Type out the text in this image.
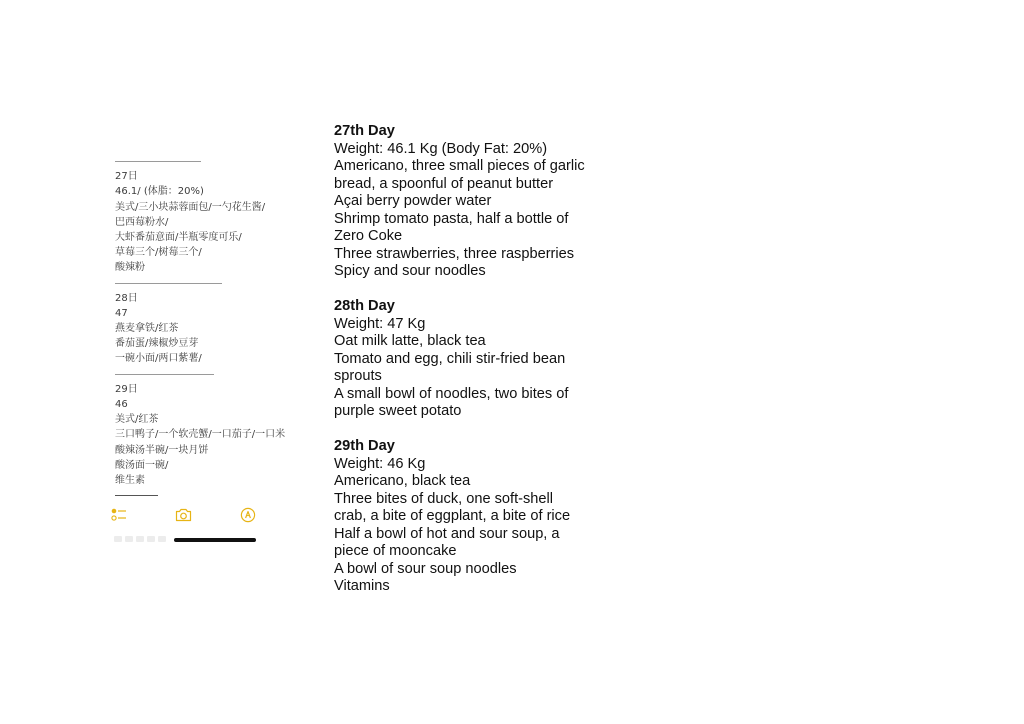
27日
46.1/ (体脂：20%)
美式/三小块蒜蓉面包/一勺花生酱/
巴西莓粉水/
大虾番茄意面/半瓶零度可乐/
草莓三个/树莓三个/
酸辣粉
28日
47
燕麦拿铁/红茶
番茄蛋/辣椒炒豆芽
一碗小面/两口紫薯/
29日
46
美式/红茶
三口鸭子/一个软壳蟹/一口茄子/一口米
酸辣汤半碗/一块月饼
酸汤面一碗/
维生素
27th Day
Weight: 46.1 Kg (Body Fat: 20%)
Americano, three small pieces of garlic
bread, a spoonful of peanut butter
Açai berry powder water
Shrimp tomato pasta, half a bottle of
Zero Coke
Three strawberries, three raspberries
Spicy and sour noodles
28th Day
Weight: 47 Kg
Oat milk latte, black tea
Tomato and egg, chili stir-fried bean
sprouts
A small bowl of noodles, two bites of
purple sweet potato
29th Day
Weight: 46 Kg
Americano, black tea
Three bites of duck, one soft-shell
crab, a bite of eggplant, a bite of rice
Half a bowl of hot and sour soup, a
piece of mooncake
A bowl of sour soup noodles
Vitamins
